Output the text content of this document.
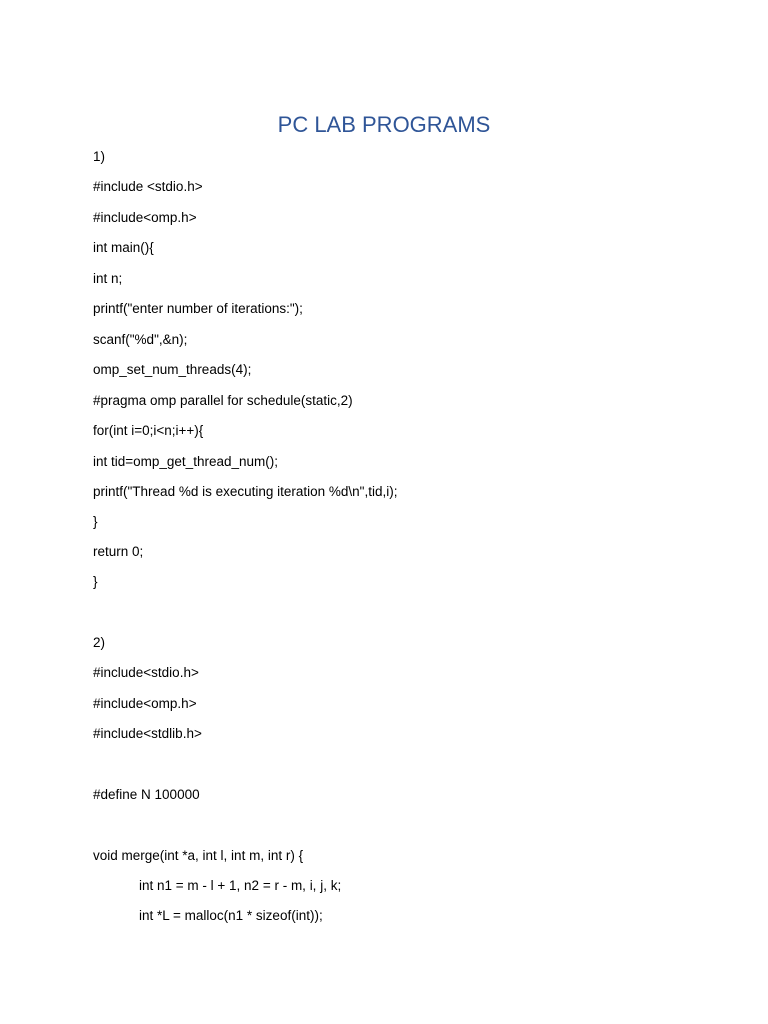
PC LAB PROGRAMS
1)
#include <stdio.h>
#include<omp.h>
int main(){
int n;
printf("enter number of iterations:");
scanf("%d",&n);
omp_set_num_threads(4);
#pragma omp parallel for schedule(static,2)
for(int i=0;i<n;i++){
int tid=omp_get_thread_num();
printf("Thread %d is executing iteration %d\n",tid,i);
}
return 0;
}
2)
#include<stdio.h>
#include<omp.h>
#include<stdlib.h>
#define N 100000
void merge(int *a, int l, int m, int r) {
int n1 = m - l + 1, n2 = r - m, i, j, k;
int *L = malloc(n1 * sizeof(int));
